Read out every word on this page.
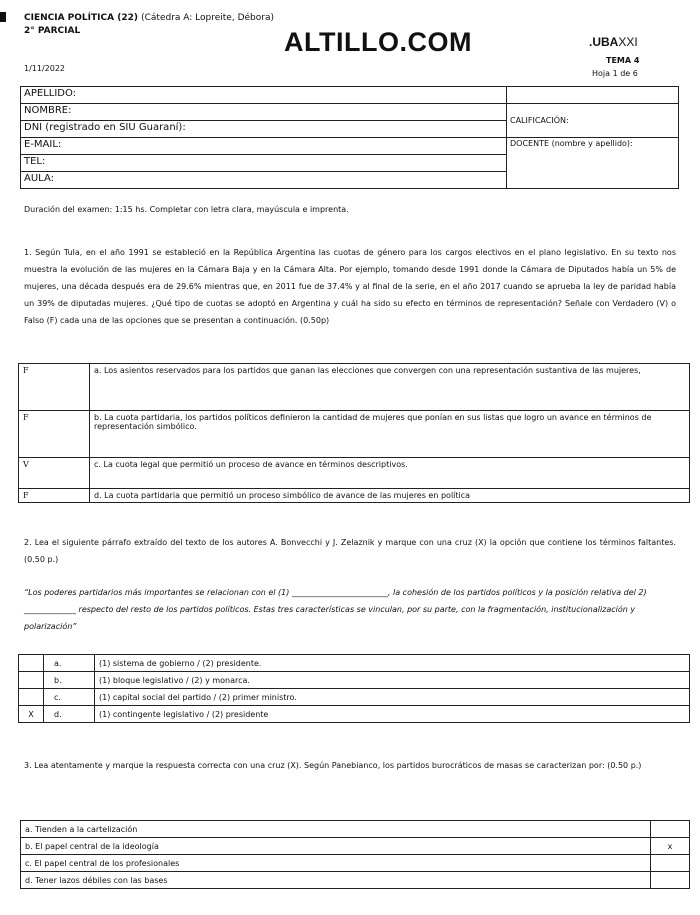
CIENCIA POLÍTICA (22) (Cátedra A: Lopreite, Débora)
2° PARCIAL	ALTILLO.COM	.UBAXXI
TEMA 4
1/11/2022
Hoja 1 de 6
APELLIDO:	
NOMBRE:	CALIFICACIÓN:
DNI (registrado en SIU Guaraní):	
E-MAIL:	DOCENTE (nombre y apellido):
TEL:	
AULA:	
Duración del examen: 1:15 hs. Completar con letra clara, mayúscula e imprenta.
1. Según Tula, en el año 1991 se estableció en la República Argentina las cuotas de género para los cargos electivos en el plano legislativo. En su texto nos muestra la evolución de las mujeres en la Cámara Baja y en la Cámara Alta. Por ejemplo, tomando desde 1991 donde la Cámara de Diputados había un 5% de mujeres, una década después era de 29.6% mientras que, en 2011 fue de 37.4% y al final de la serie, en el año 2017 cuando se aprueba la ley de paridad había un 39% de diputadas mujeres. ¿Qué tipo de cuotas se adoptó en Argentina y cuál ha sido su efecto en términos de representación? Señale con Verdadero (V) o Falso (F) cada una de las opciones que se presentan a continuación. (0.50p)
F	a. Los asientos reservados para los partidos que ganan las elecciones que convergen con una representación sustantiva de las mujeres,
F	b. La cuota partidaria, los partidos políticos definieron la cantidad de mujeres que ponían en sus listas que logro un avance en términos de representación simbólico.
V	c. La cuota legal que permitió un proceso de avance en términos descriptivos.
F	d. La cuota partidaria que permitió un proceso simbólico de avance de las mujeres en política
2. Lea el siguiente párrafo extraído del texto de los autores A. Bonvecchi y J. Zelaznik y marque con una cruz (X) la opción que contiene los términos faltantes. (0.50 p.)
“Los poderes partidarios más importantes se relacionan con el (1) ________________________, la cohesión de los partidos políticos y la posición relativa del 2) _____________ respecto del resto de los partidos políticos. Estas tres características se vinculan, por su parte, con la fragmentación, institucionalización y polarización”
	a.	(1) sistema de gobierno / (2) presidente.
	b.	(1) bloque legislativo / (2) y monarca.
	c.	(1) capital social del partido / (2) primer ministro.
X	d.	(1) contingente legislativo / (2) presidente
3. Lea atentamente y marque la respuesta correcta con una cruz (X). Según Panebianco, los partidos burocráticos de masas se caracterizan por: (0.50 p.)
a. Tienden a la cartelización	
b. El papel central de la ideología	x
c. El papel central de los profesionales	
d. Tener lazos débiles con las bases	
